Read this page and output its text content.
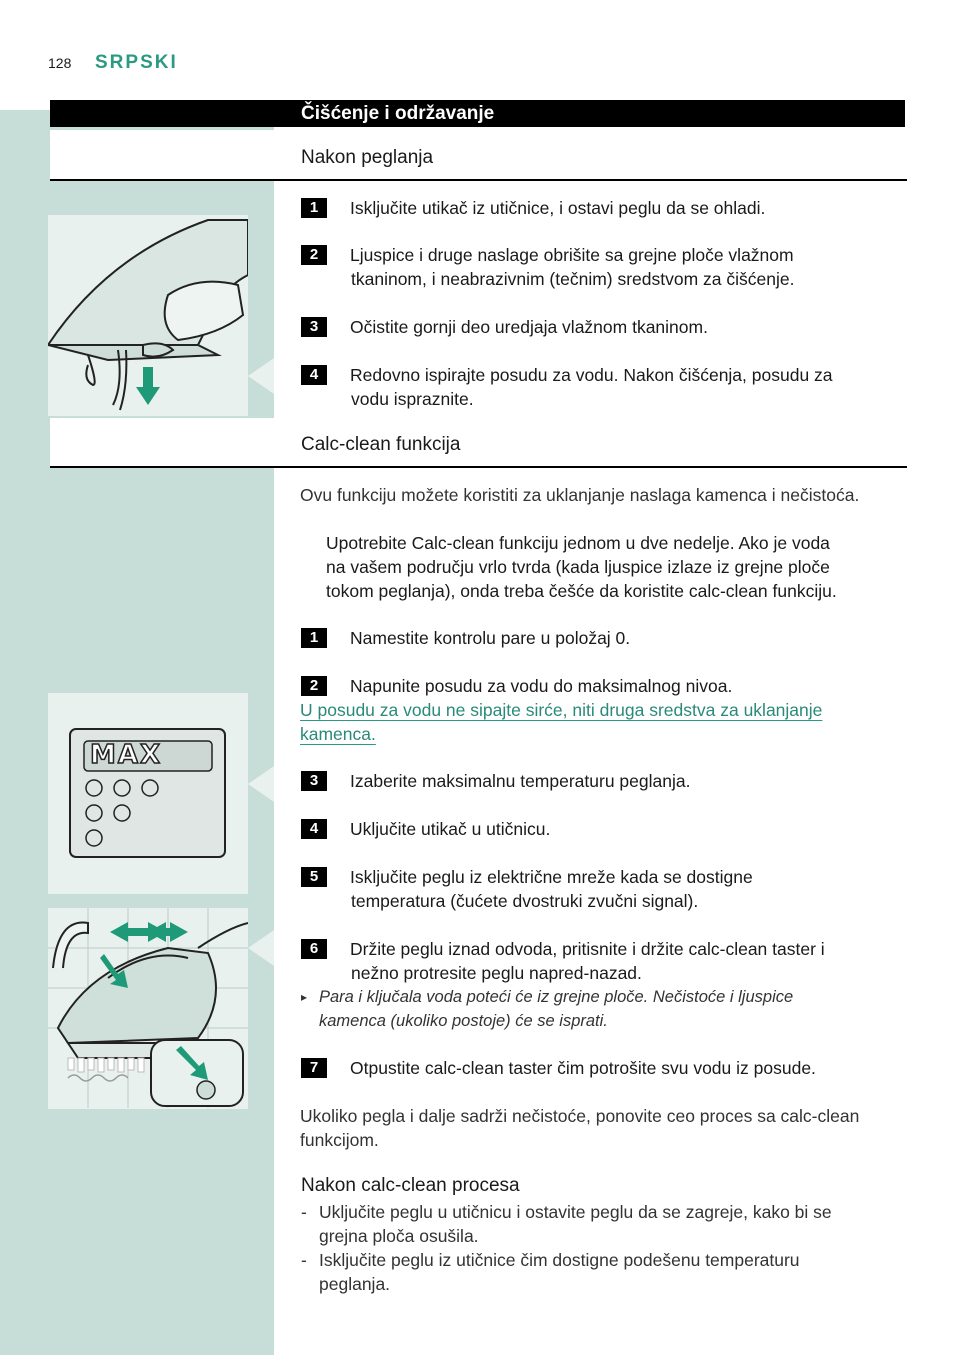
128 SRPSKI
Čišćenje i održavanje
Nakon peglanja
1	Isključite utikač iz utičnice, i ostavi peglu da se ohladi.
2	Ljuspice i druge naslage obrišite sa grejne ploče vlažnom
tkaninom, i neabrazivnim (tečnim) sredstvom za čišćenje.
3	Očistite gornji deo uredjaja vlažnom tkaninom.
4	Redovno ispirajte posudu za vodu. Nakon čišćenja, posudu za
vodu ispraznite.
Calc-clean funkcija
Ovu funkciju možete koristiti za uklanjanje naslaga kamenca i nečistoća.
Upotrebite Calc-clean funkciju jednom u dve nedelje. Ako je voda
na vašem području vrlo tvrda (kada ljuspice izlaze iz grejne ploče
tokom peglanja), onda treba češće da koristite calc-clean funkciju.
1	Namestite kontrolu pare u položaj 0.
2	Napunite posudu za vodu do maksimalnog nivoa.
U posudu za vodu ne sipajte sirće, niti druga sredstva za uklanjanje
kamenca.
3	Izaberite maksimalnu temperaturu peglanja.
4	Uključite utikač u utičnicu.
5	Isključite peglu iz električne mreže kada se dostigne
temperatura (čućete dvostruki zvučni signal).
6	Držite peglu iznad odvoda, pritisnite i držite calc-clean taster i
nežno protresite peglu napred-nazad.
▸ Para i ključala voda poteći će iz grejne ploče. Nečistoće i ljuspice
kamenca (ukoliko postoje) će se isprati.
7	Otpustite calc-clean taster čim potrošite svu vodu iz posude.
Ukoliko pegla i dalje sadrži nečistoće, ponovite ceo proces sa calc-clean
funkcijom.
MAX
Nakon calc-clean procesa
- Uključite peglu u utičnicu i ostavite peglu da se zagreje, kako bi se
grejna ploča osušila.
- Isključite peglu iz utičnice čim dostigne podešenu temperaturu
peglanja.
